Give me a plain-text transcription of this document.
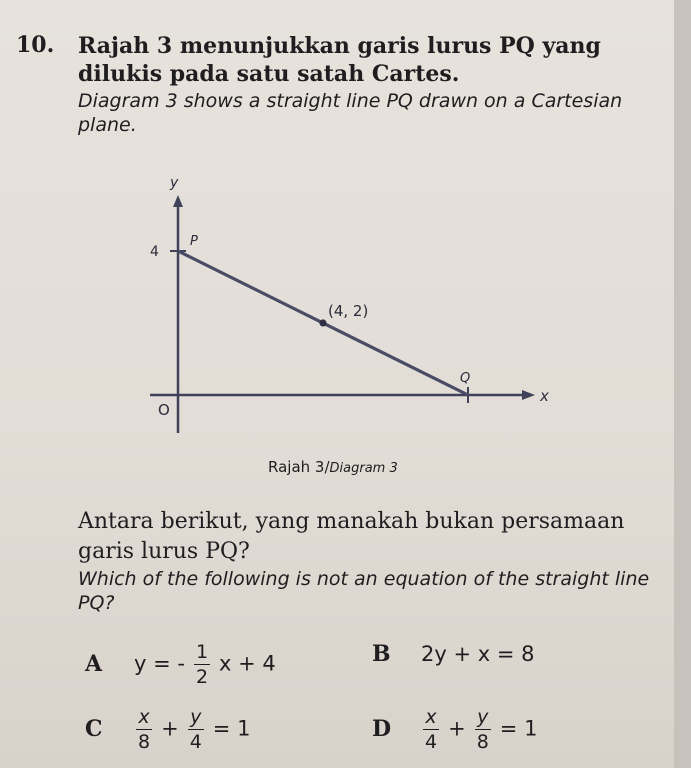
10. Rajah 3 menunjukkan garis lurus PQ yang dilukis pada satu satah Cartes.
Diagram 3 shows a straight line PQ drawn on a Cartesian plane.
y
x
O
4
P
(4, 2)
Q
Rajah 3/Diagram 3
Antara berikut, yang manakah bukan persamaan garis lurus PQ?
Which of the following is not an equation of the straight line PQ?
A y = - $\frac{1}{2}$ x + 4	B 2y + x = 8
C $\frac{x}{8} + \frac{y}{4} = 1$	D $\frac{x}{4} + \frac{y}{8} = 1$
